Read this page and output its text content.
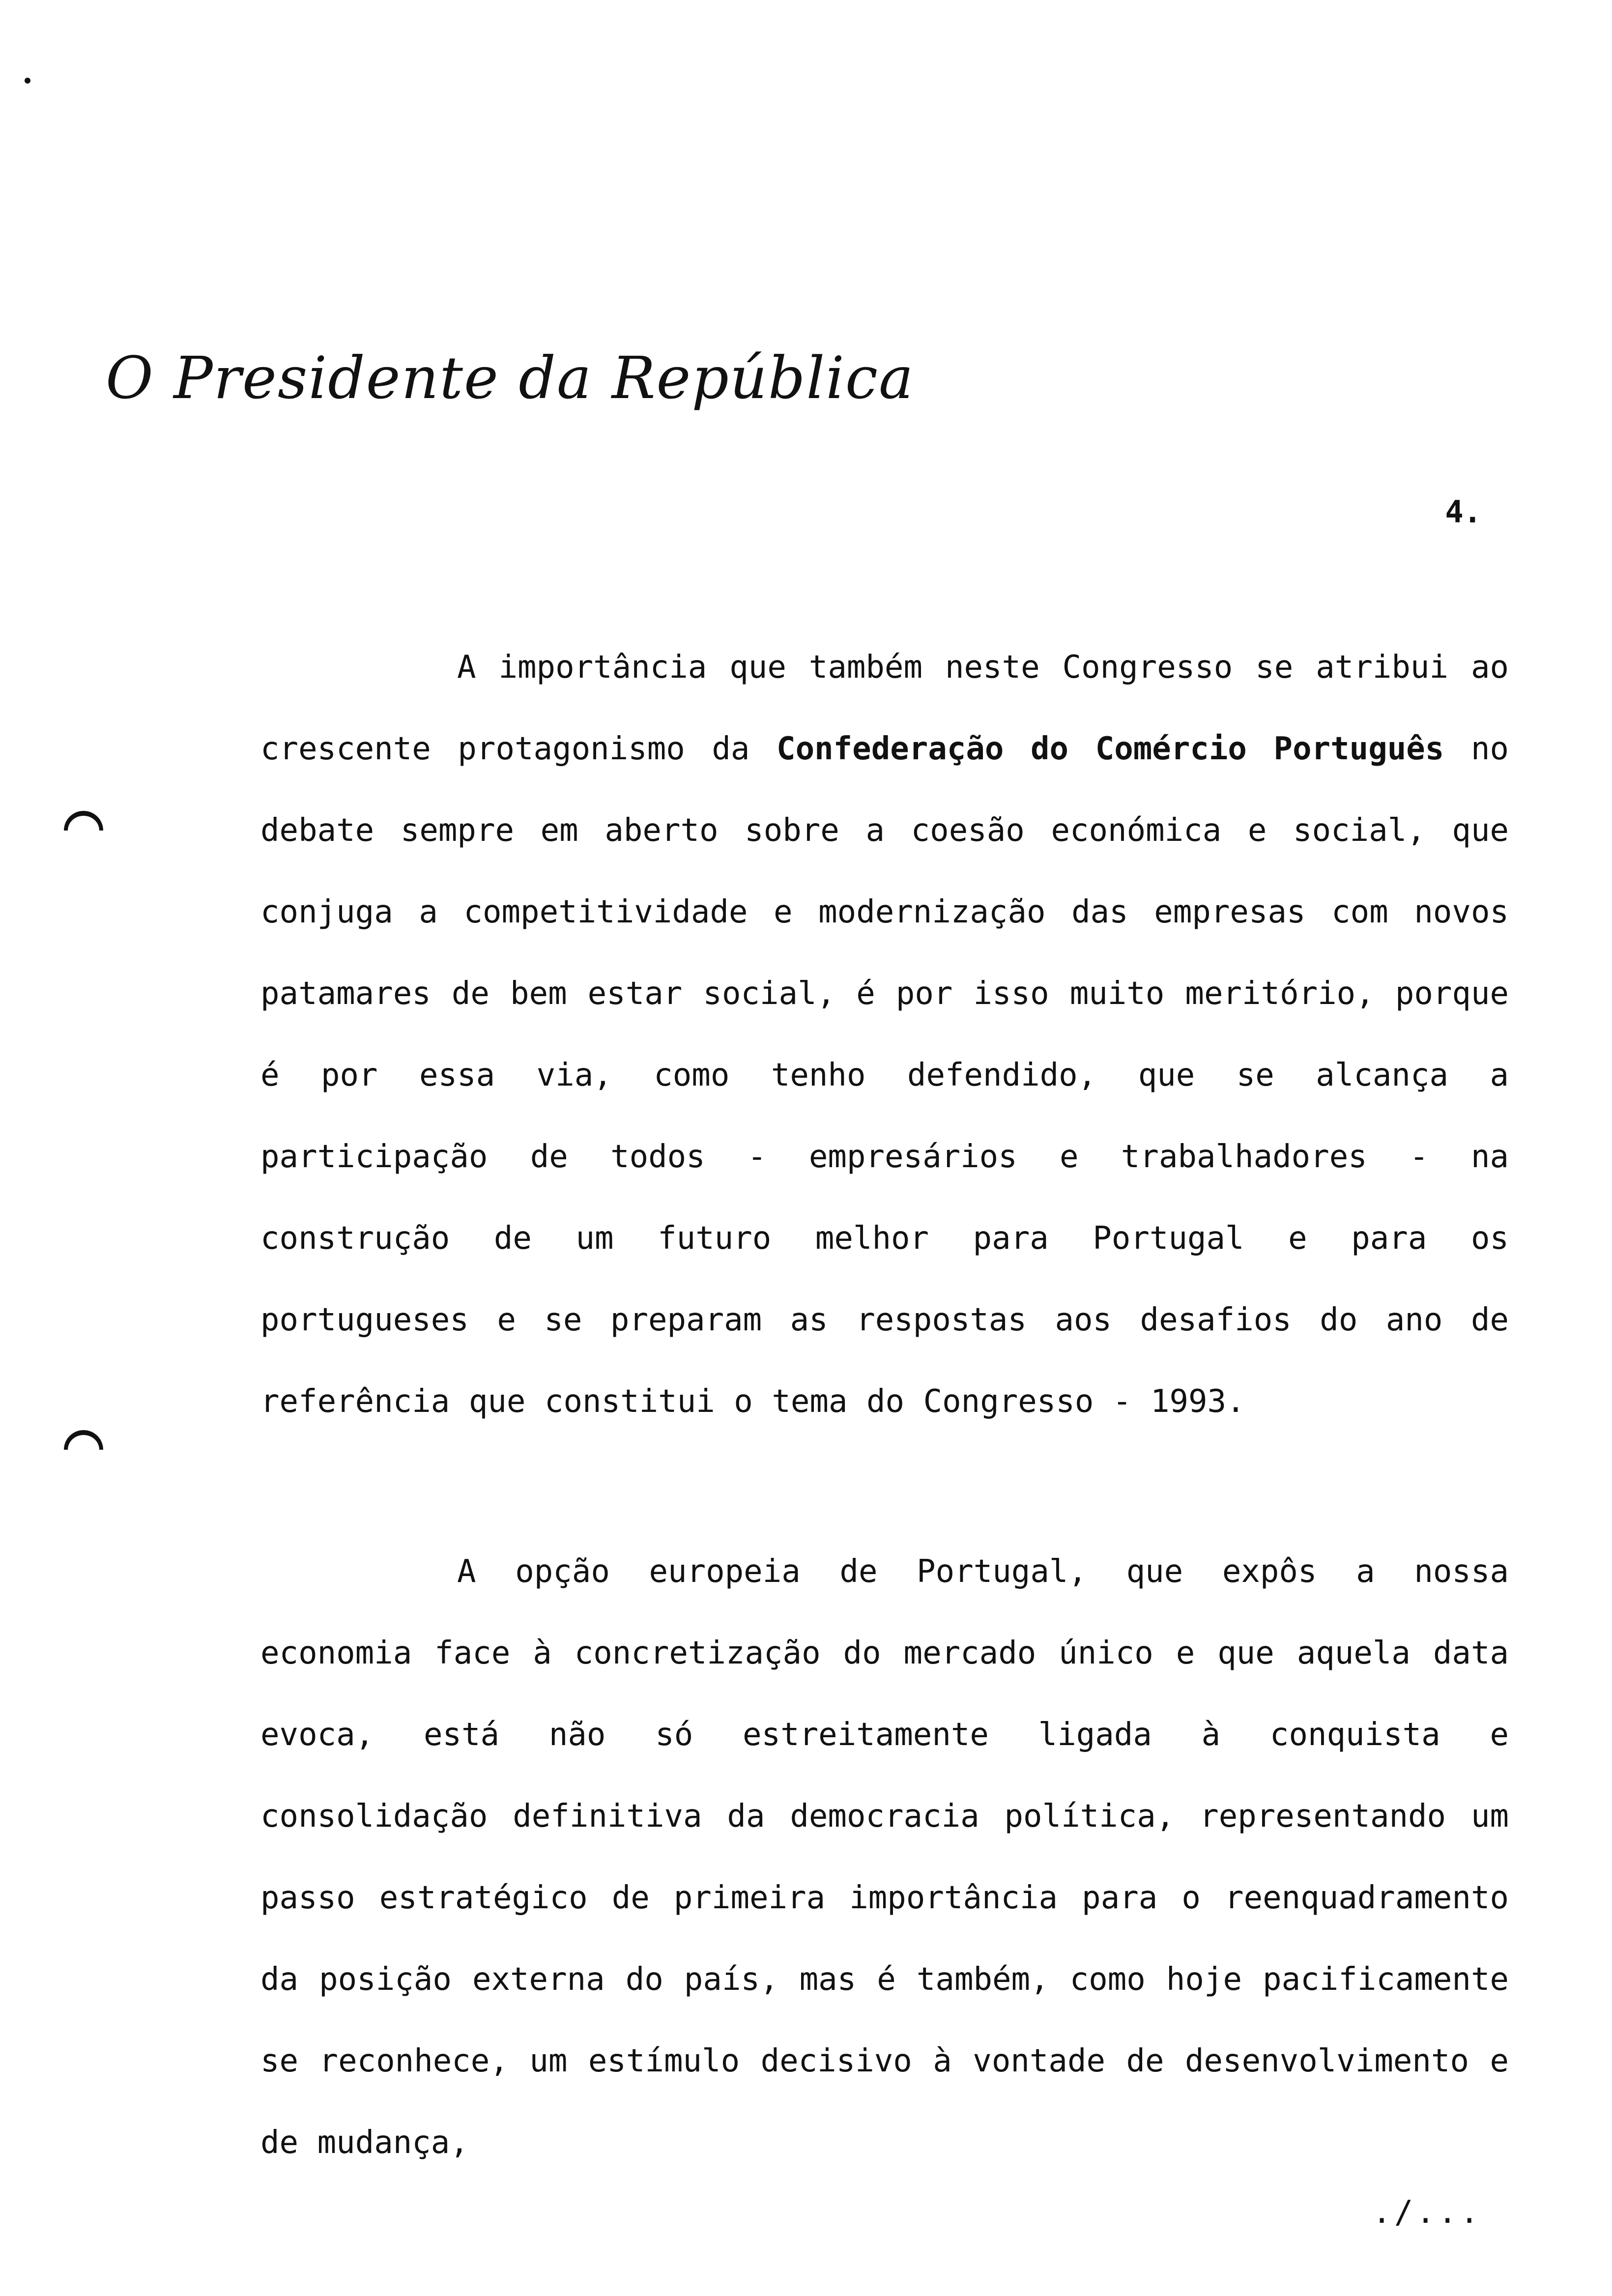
O Presidente da República
4.
A importância que também neste Congresso se atribui ao crescente protagonismo da Confederação do Comércio Português no debate sempre em aberto sobre a coesão económica e social, que conjuga a competitividade e modernização das empresas com novos patamares de bem estar social, é por isso muito meritório, porque é por essa via, como tenho defendido, que se alcança a participação de todos - empresários e trabalhadores - na construção de um futuro melhor para Portugal e para os portugueses e se preparam as respostas aos desafios do ano de referência que constitui o tema do Congresso - 1993.
A opção europeia de Portugal, que expôs a nossa economia face à concretização do mercado único e que aquela data evoca, está não só estreitamente ligada à conquista e consolidação definitiva da democracia política, representando um passo estratégico de primeira importância para o reenquadramento da posição externa do país, mas é também, como hoje pacificamente se reconhece, um estímulo decisivo à vontade de desenvolvimento e de mudança,
./...
